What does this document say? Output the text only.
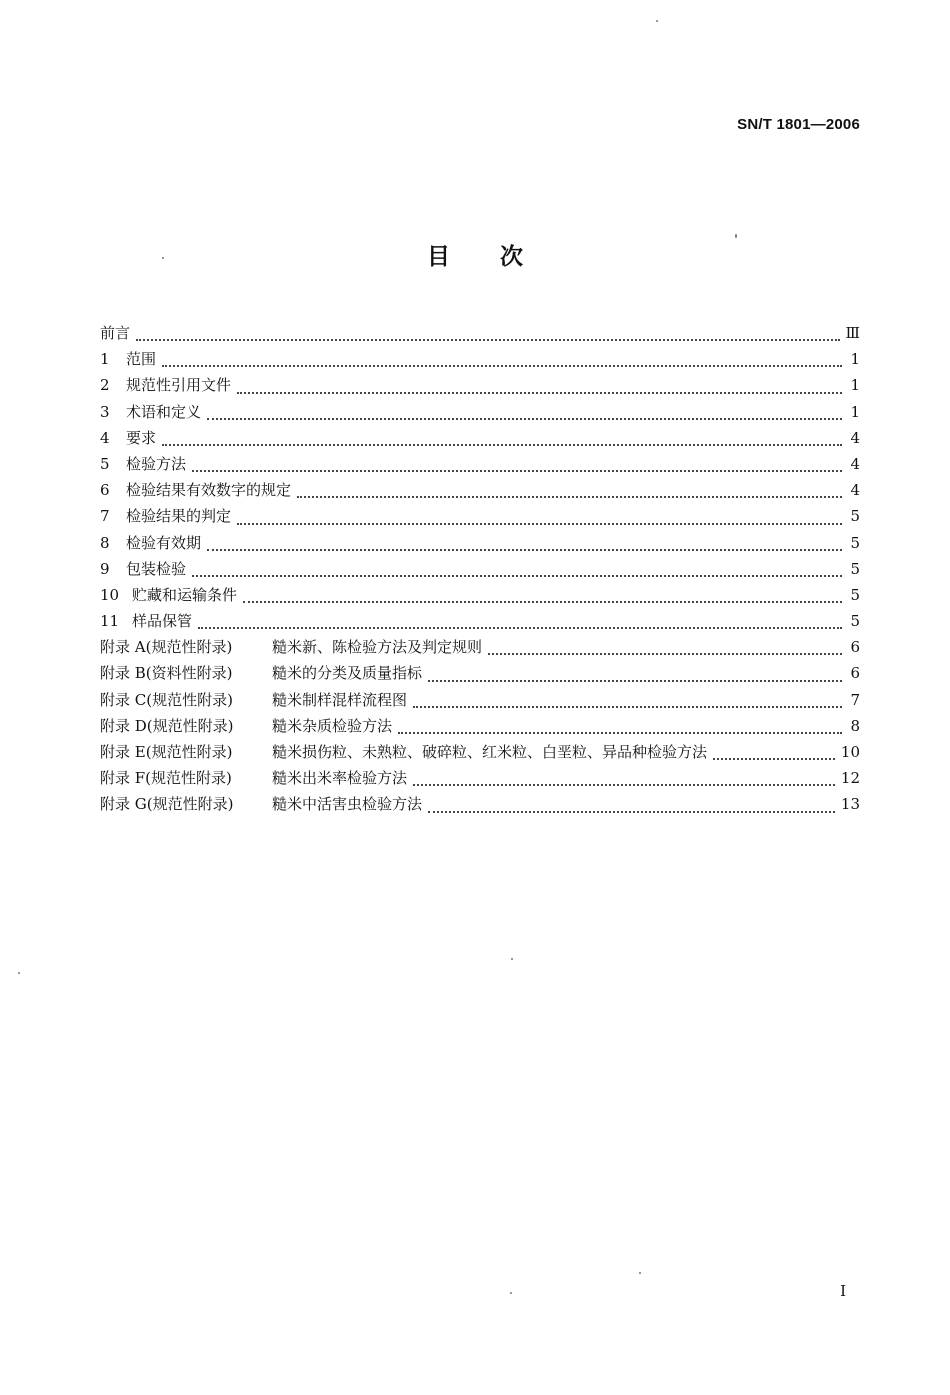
SN/T 1801—2006
目次
前言	Ⅲ
1	范围	1
2	规范性引用文件	1
3	术语和定义	1
4	要求	4
5	检验方法	4
6	检验结果有效数字的规定	4
7	检验结果的判定	5
8	检验有效期	5
9	包装检验	5
10 贮藏和运输条件	5
11 样品保管	5
附录 A(规范性附录)	糙米新、陈检验方法及判定规则	6
附录 B(资料性附录)	糙米的分类及质量指标	6
附录 C(规范性附录)	糙米制样混样流程图	7
附录 D(规范性附录)	糙米杂质检验方法	8
附录 E(规范性附录)	糙米损伤粒、未熟粒、破碎粒、红米粒、白垩粒、异品种检验方法	10
附录 F(规范性附录)	糙米出米率检验方法	12
附录 G(规范性附录)	糙米中活害虫检验方法	13
I
